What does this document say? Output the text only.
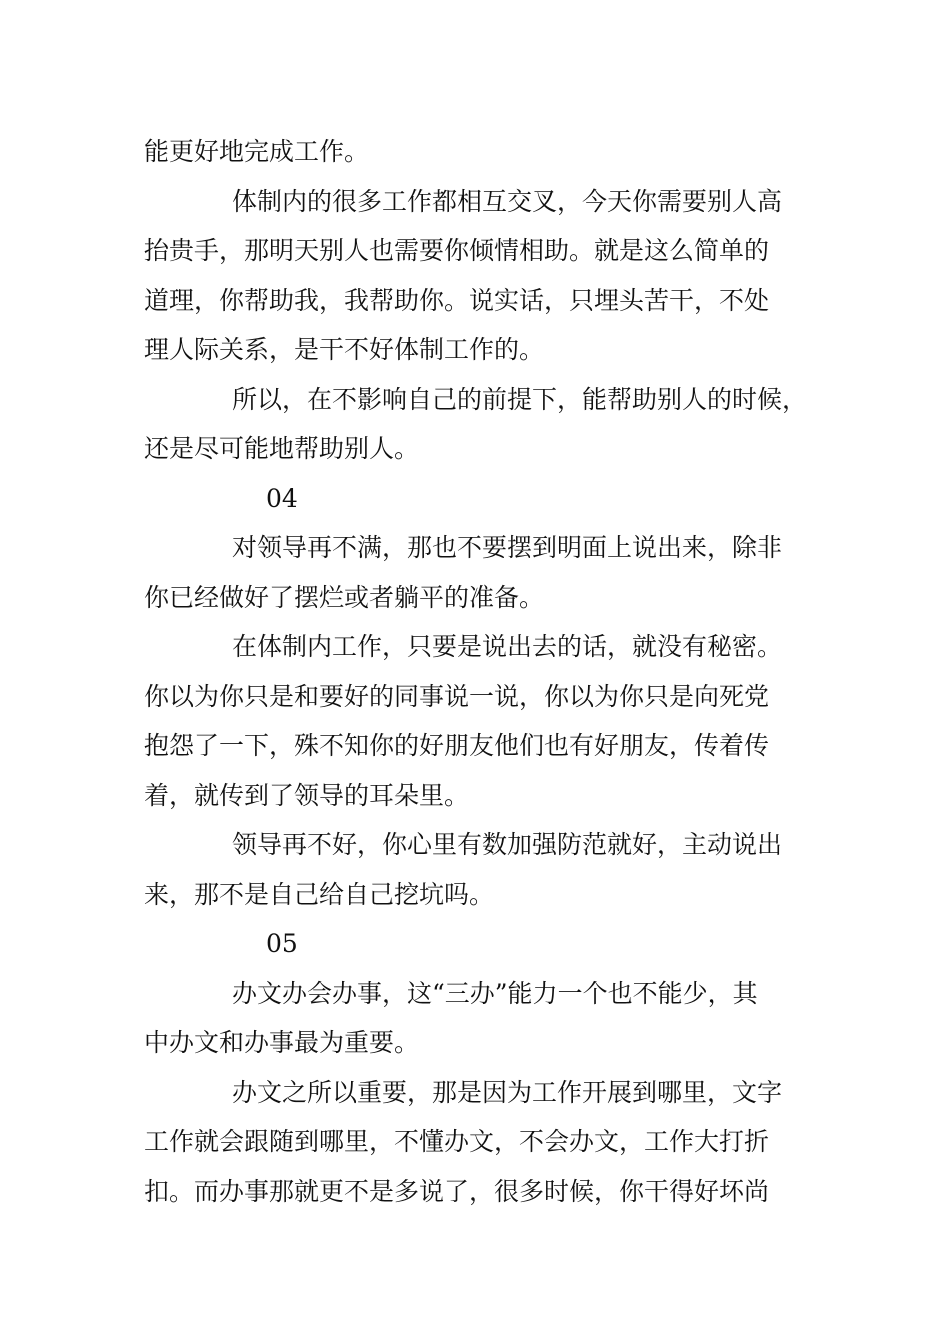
能更好地完成工作。
体制内的很多工作都相互交叉，今天你需要别人高
抬贵手，那明天别人也需要你倾情相助。就是这么简单的
道理，你帮助我，我帮助你。说实话，只埋头苦干，不处
理人际关系，是干不好体制工作的。
所以，在不影响自己的前提下，能帮助别人的时候，
还是尽可能地帮助别人。
04
对领导再不满，那也不要摆到明面上说出来，除非
你已经做好了摆烂或者躺平的准备。
在体制内工作，只要是说出去的话，就没有秘密。
你以为你只是和要好的同事说一说，你以为你只是向死党
抱怨了一下，殊不知你的好朋友他们也有好朋友，传着传
着，就传到了领导的耳朵里。
领导再不好，你心里有数加强防范就好，主动说出
来，那不是自己给自己挖坑吗。
05
办文办会办事，这“三办”能力一个也不能少，其
中办文和办事最为重要。
办文之所以重要，那是因为工作开展到哪里，文字
工作就会跟随到哪里，不懂办文，不会办文，工作大打折
扣。而办事那就更不是多说了，很多时候，你干得好坏尚
